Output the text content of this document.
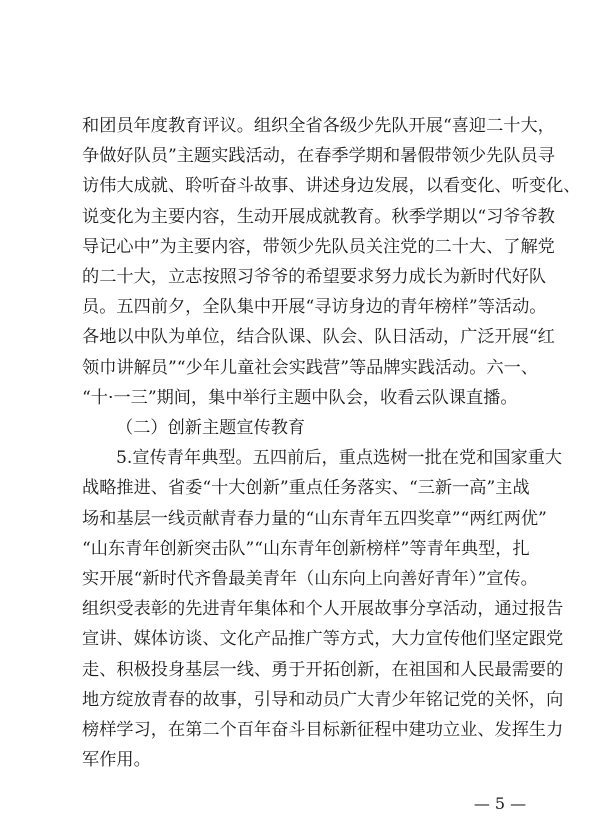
和团员年度教育评议。组织全省各级少先队开展“喜迎二十大，
争做好队员”主题实践活动，在春季学期和暑假带领少先队员寻
访伟大成就、聆听奋斗故事、讲述身边发展，以看变化、听变化、
说变化为主要内容，生动开展成就教育。秋季学期以“习爷爷教
导记心中”为主要内容，带领少先队员关注党的二十大、了解党
的二十大，立志按照习爷爷的希望要求努力成长为新时代好队
员。五四前夕，全队集中开展“寻访身边的青年榜样”等活动。
各地以中队为单位，结合队课、队会、队日活动，广泛开展“红
领巾讲解员”“少年儿童社会实践营”等品牌实践活动。六一、
“十·一三”期间，集中举行主题中队会，收看云队课直播。
（二）创新主题宣传教育
5.宣传青年典型。五四前后，重点选树一批在党和国家重大
战略推进、省委“十大创新”重点任务落实、“三新一高”主战
场和基层一线贡献青春力量的“山东青年五四奖章”“两红两优”
“山东青年创新突击队”“山东青年创新榜样”等青年典型，扎
实开展“新时代齐鲁最美青年（山东向上向善好青年）”宣传。
组织受表彰的先进青年集体和个人开展故事分享活动，通过报告
宣讲、媒体访谈、文化产品推广等方式，大力宣传他们坚定跟党
走、积极投身基层一线、勇于开拓创新，在祖国和人民最需要的
地方绽放青春的故事，引导和动员广大青少年铭记党的关怀，向
榜样学习，在第二个百年奋斗目标新征程中建功立业、发挥生力
军作用。
— 5 —
